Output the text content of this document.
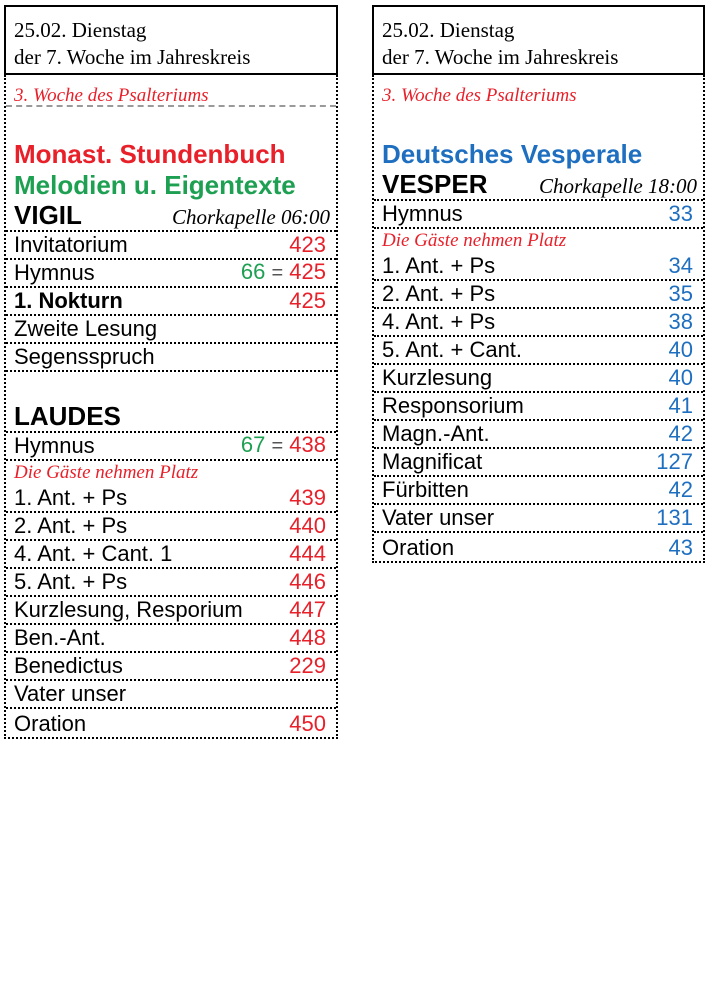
25.02. Dienstag
der 7. Woche im Jahreskreis
3. Woche des Psalteriums
Monast. Stundenbuch
Melodien u. Eigentexte
VIGIL	Chorkapelle 06:00
Invitatorium	423
Hymnus	66 = 425
1. Nokturn	425
Zweite Lesung
Segensspruch
LAUDES
Hymnus	67 = 438
Die Gäste nehmen Platz
1. Ant. + Ps	439
2. Ant. + Ps	440
4. Ant. + Cant. 1	444
5. Ant. + Ps	446
Kurzlesung, Resporium 447
Ben.-Ant.	448
Benedictus	229
Vater unser
Oration	450
25.02. Dienstag
der 7. Woche im Jahreskreis
3. Woche des Psalteriums
Deutsches Vesperale
VESPER Chorkapelle 18:00
Hymnus	33
Die Gäste nehmen Platz
1. Ant. + Ps	34
2. Ant. + Ps	35
4. Ant. + Ps	38
5. Ant. + Cant.	40
Kurzlesung	40
Responsorium	41
Magn.-Ant.	42
Magnificat	127
Fürbitten	42
Vater unser	131
Oration	43
